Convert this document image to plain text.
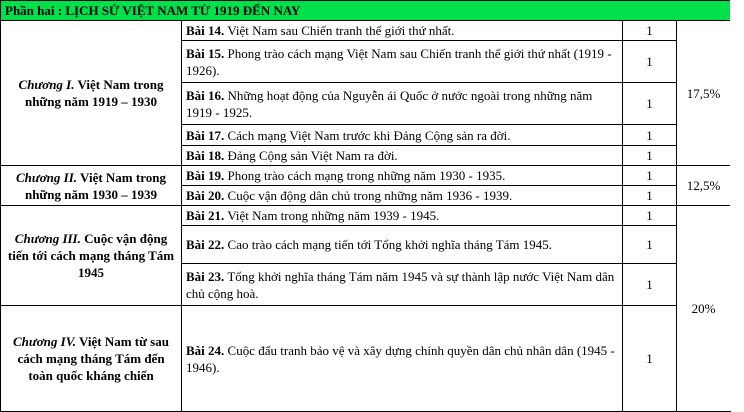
Phần hai : LỊCH SỬ VIỆT NAM TỪ 1919 ĐẾN NAY			
Chương I. Việt Nam trong những năm 1919 – 1930	Bài 14. Việt Nam sau Chiến tranh thế giới thứ nhất.	1	17,5%
	Bài 15. Phong trào cách mạng Việt Nam sau Chiến tranh thế giới thứ nhất (1919 - 1926).	1	
	Bài 16. Những hoạt động của Nguyễn ái Quốc ở nước ngoài trong những năm 1919 - 1925.	1	
	Bài 17. Cách mạng Việt Nam trước khi Đảng Cộng sản ra đời.	1	
	Bài 18. Đảng Cộng sản Việt Nam ra đời.	1	
Chương II. Việt Nam trong những năm 1930 – 1939	Bài 19. Phong trào cách mạng trong những năm 1930 - 1935.	1	12,5%
	Bài 20. Cuộc vận động dân chủ trong những năm 1936 - 1939.	1	
Chương III. Cuộc vận động tiến tới cách mạng tháng Tám 1945	Bài 21. Việt Nam trong những năm 1939 - 1945.	1	20%
	Bài 22. Cao trào cách mạng tiến tới Tổng khởi nghĩa tháng Tám 1945.	1	
	Bài 23. Tổng khởi nghĩa tháng Tám năm 1945 và sự thành lập nước Việt Nam dân chủ cộng hoà.	1	
Chương IV. Việt Nam từ sau cách mạng tháng Tám đến toàn quốc kháng chiến	Bài 24. Cuộc đấu tranh bảo vệ và xây dựng chính quyền dân chủ nhân dân (1945 - 1946).	1	
